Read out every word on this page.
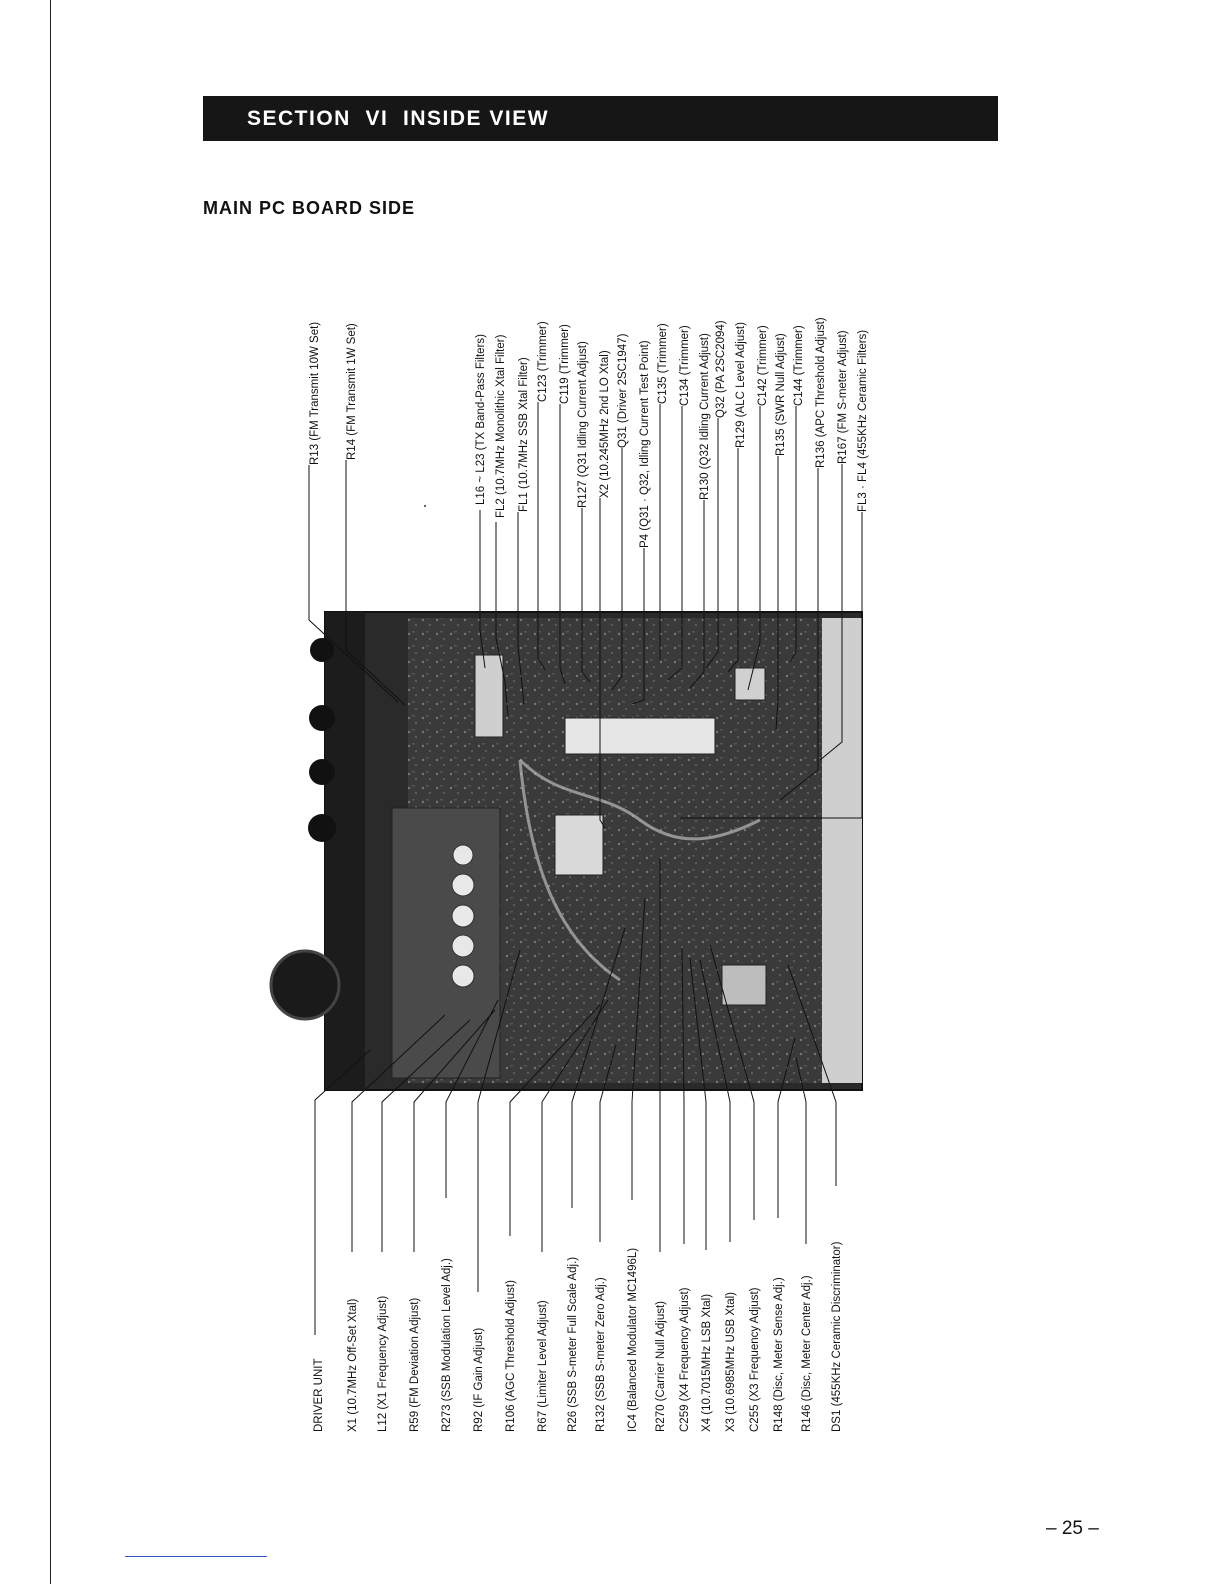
SECTION  VI  INSIDE VIEW
MAIN PC BOARD SIDE
R13 (FM Transmit 10W Set) R14 (FM Transmit 1W Set)	L16 ~ L23 (TX Band-Pass Filters) FL2 (10.7MHz Monolithic Xtal Filter) FL1 (10.7MHz SSB Xtal Filter) C123 (Trimmer) C119 (Trimmer) R127 (Q31 Idling Current Adjust) X2 (10.245MHz 2nd LO Xtal) Q31 (Driver 2SC1947) P4 (Q31 · Q32, Idling Current Test Point) C135 (Trimmer) C134 (Trimmer) R130 (Q32 Idling Current Adjust) Q32 (PA 2SC2094) R129 (ALC Level Adjust) C142 (Trimmer) R135 (SWR Null Adjust) C144 (Trimmer) R136 (APC Threshold Adjust) R167 (FM S-meter Adjust) FL3 · FL4 (455KHz Ceramic Filters)
DRIVER UNIT X1 (10.7MHz Off-Set Xtal) L12 (X1 Frequency Adjust) R59 (FM Deviation Adjust) R273 (SSB Modulation Level Adj.) R92 (IF Gain Adjust) R106 (AGC Threshold Adjust) R67 (Limiter Level Adjust) R26 (SSB S-meter Full Scale Adj.) R132 (SSB S-meter Zero Adj.) IC4 (Balanced Modulator MC1496L) R270 (Carrier Null Adjust) C259 (X4 Frequency Adjust) X4 (10.7015MHz LSB Xtal) X3 (10.6985MHz USB Xtal) C255 (X3 Frequency Adjust) R148 (Disc, Meter Sense Adj.) R146 (Disc, Meter Center Adj.) DS1 (455KHz Ceramic Discriminator)
– 25 –
